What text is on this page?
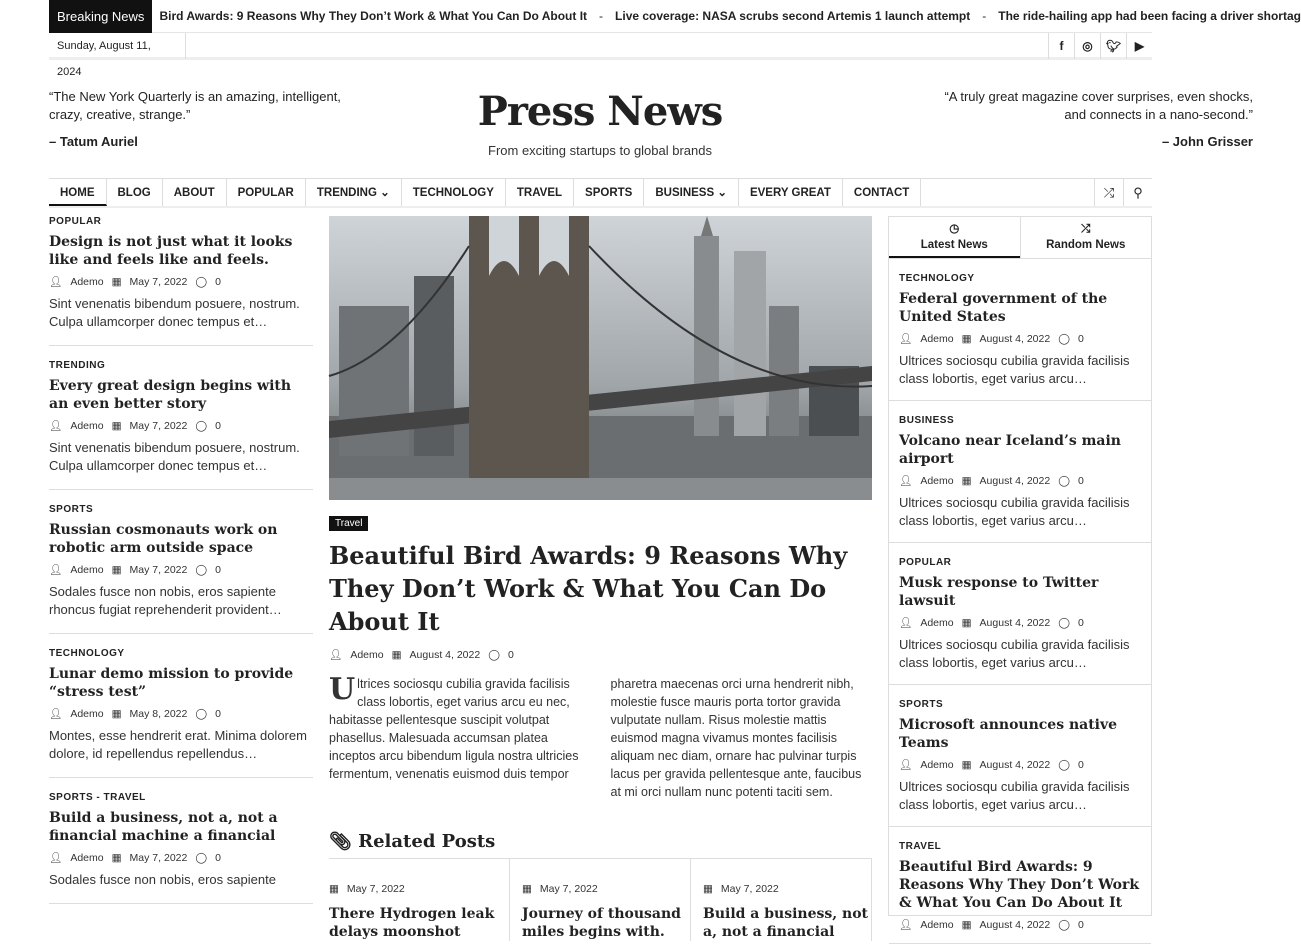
Breaking News	Bird Awards: 9 Reasons Why They Don’t Work & What You Can Do About It	-	Live coverage: NASA scrubs second Artemis 1 launch attempt	-	The ride-hailing app had been facing a driver shortag
Sunday, August 11, 2024
f	◎	🐦︎	▶
Press News

From exciting startups to global brands

“The New York Quarterly is an amazing, intelligent, crazy, creative, strange.”
– Tatum Auriel
“A truly great magazine cover surprises, even shocks, and connects in a nano-second.”
– John Grisser
HOME	BLOG	ABOUT	POPULAR	TRENDING ⌄	TECHNOLOGY	TRAVEL	SPORTS	BUSINESS ⌄	EVERY GREAT	CONTACT	⤮	⚲
POPULAR
Design is not just what it looks like and feels like and feels.
👤︎ Ademo ▦ May 7, 2022 ◯ 0
Sint venenatis bibendum posuere, nostrum. Culpa ullamcorper donec tempus et…
TRENDING
Every great design begins with an even better story
👤︎ Ademo ▦ May 7, 2022 ◯ 0
Sint venenatis bibendum posuere, nostrum. Culpa ullamcorper donec tempus et…
SPORTS
Russian cosmonauts work on robotic arm outside space
👤︎ Ademo ▦ May 7, 2022 ◯ 0
Sodales fusce non nobis, eros sapiente rhoncus fugiat reprehenderit provident…
TECHNOLOGY
Lunar demo mission to provide “stress test”
👤︎ Ademo ▦ May 8, 2022 ◯ 0
Montes, esse hendrerit erat. Minima dolorem dolore, id repellendus repellendus…
SPORTS - TRAVEL
Build a business, not a, not a financial machine a financial
👤︎ Ademo ▦ May 7, 2022 ◯ 0
Sodales fusce non nobis, eros sapiente
Travel
Beautiful Bird Awards: 9 Reasons Why They Don’t Work & What You Can Do About It
👤︎ Ademo ▦ August 4, 2022 ◯ 0

Ultrices sociosqu cubilia gravida facilisis class lobortis, eget varius arcu eu nec, habitasse pellentesque suscipit volutpat phasellus. Malesuada accumsan platea inceptos arcu bibendum ligula nostra ultricies fermentum, venenatis euismod duis tempor

pharetra maecenas orci urna hendrerit nibh, molestie fusce mauris porta tortor gravida vulputate nullam. Risus molestie mattis euismod magna vivamus montes facilisis aliquam nec diam, ornare hac pulvinar turpis lacus per gravida pellentesque ante, faucibus at mi orci nullam nunc potenti taciti sem.

📎︎ Related Posts
▦ May 7, 2022
There Hydrogen leak delays moonshot
▦ May 7, 2022
Journey of thousand miles begins with.
▦ May 7, 2022
Build a business, not a, not a financial
◷
Latest News
⤮
Random News
TECHNOLOGY
Federal government of the United States
👤︎ Ademo ▦ August 4, 2022 ◯ 0
Ultrices sociosqu cubilia gravida facilisis class lobortis, eget varius arcu…
BUSINESS
Volcano near Iceland’s main airport
👤︎ Ademo ▦ August 4, 2022 ◯ 0
Ultrices sociosqu cubilia gravida facilisis class lobortis, eget varius arcu…
POPULAR
Musk response to Twitter lawsuit
👤︎ Ademo ▦ August 4, 2022 ◯ 0
Ultrices sociosqu cubilia gravida facilisis class lobortis, eget varius arcu…
SPORTS
Microsoft announces native Teams
👤︎ Ademo ▦ August 4, 2022 ◯ 0
Ultrices sociosqu cubilia gravida facilisis class lobortis, eget varius arcu…
TRAVEL
Beautiful Bird Awards: 9 Reasons Why They Don’t Work & What You Can Do About It
👤︎ Ademo ▦ August 4, 2022 ◯ 0
